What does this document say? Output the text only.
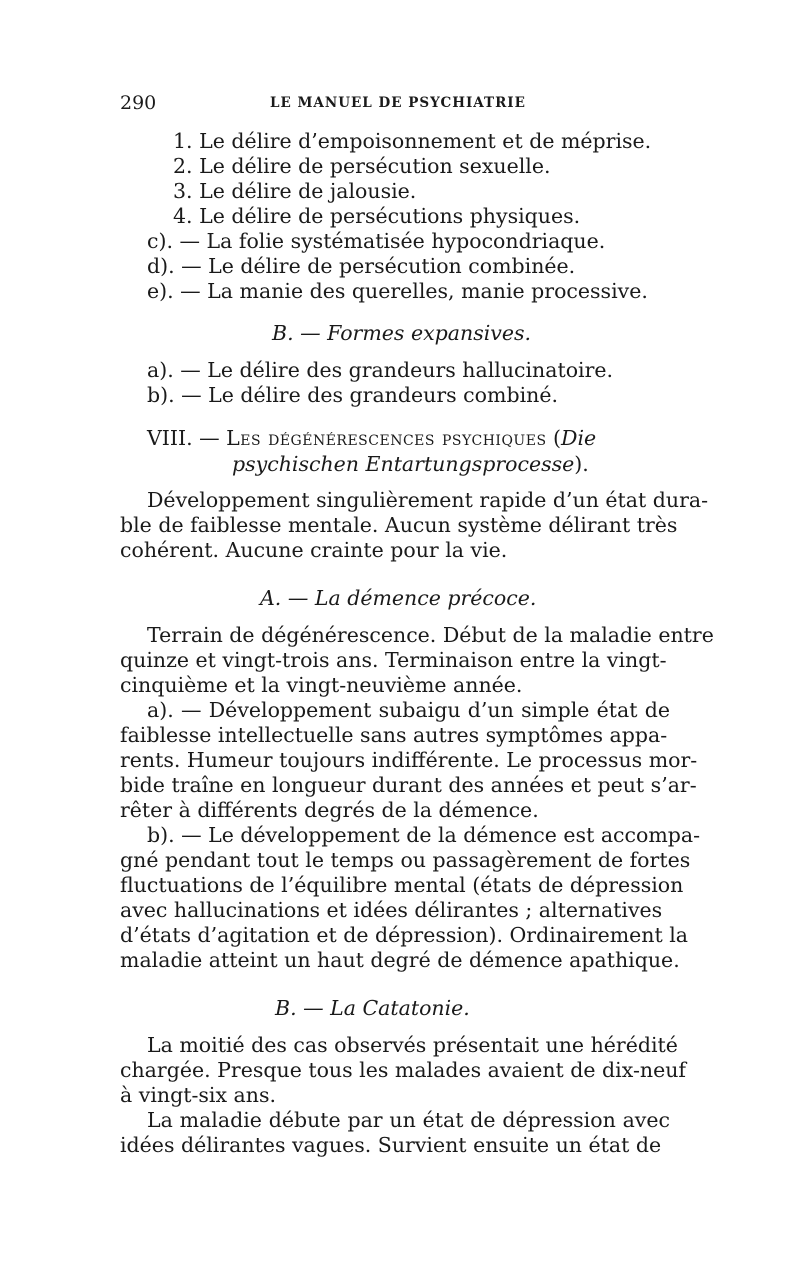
290	LE MANUEL DE PSYCHIATRIE
1. Le délire d’empoisonnement et de méprise.
2. Le délire de persécution sexuelle.
3. Le délire de jalousie.
4. Le délire de persécutions physiques.
c). — La folie systématisée hypocondriaque.
d). — Le délire de persécution combinée.
e). — La manie des querelles, manie processive.
B. — Formes expansives.
a). — Le délire des grandeurs hallucinatoire.
b). — Le délire des grandeurs combiné.
VIII. — Les dégénérescences psychiques (Die
psychischen Entartungsprocesse).
Développement singulièrement rapide d’un état dura-
ble de faiblesse mentale. Aucun système délirant très
cohérent. Aucune crainte pour la vie.
A. — La démence précoce.
Terrain de dégénérescence. Début de la maladie entre
quinze et vingt-trois ans. Terminaison entre la vingt-
cinquième et la vingt-neuvième année.
a). — Développement subaigu d’un simple état de
faiblesse intellectuelle sans autres symptômes appa-
rents. Humeur toujours indifférente. Le processus mor-
bide traîne en longueur durant des années et peut s’ar-
rêter à différents degrés de la démence.
b). — Le développement de la démence est accompa-
gné pendant tout le temps ou passagèrement de fortes
fluctuations de l’équilibre mental (états de dépression
avec hallucinations et idées délirantes ; alternatives
d’états d’agitation et de dépression). Ordinairement la
maladie atteint un haut degré de démence apathique.
B. — La Catatonie.
La moitié des cas observés présentait une hérédité
chargée. Presque tous les malades avaient de dix-neuf
à vingt-six ans.
La maladie débute par un état de dépression avec
idées délirantes vagues. Survient ensuite un état de
